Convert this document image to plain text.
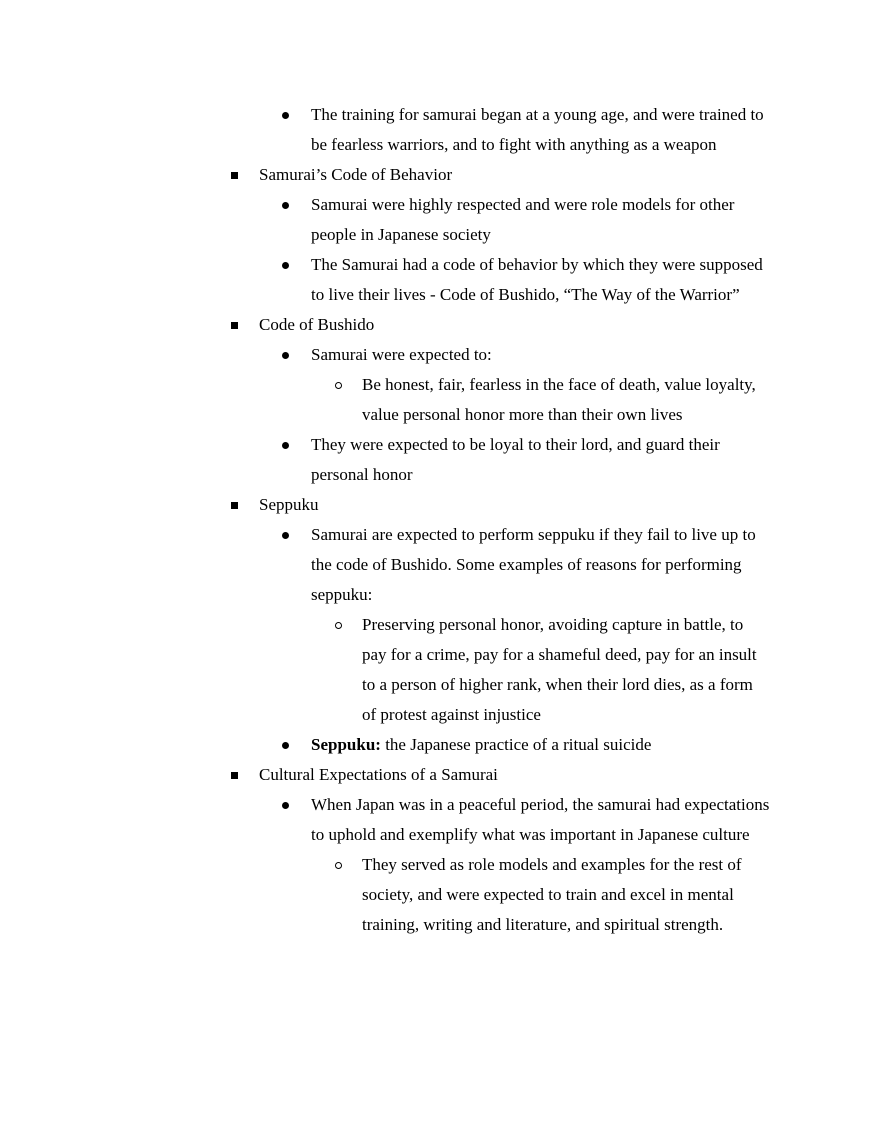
The training for samurai began at a young age, and were trained to
be fearless warriors, and to fight with anything as a weapon
Samurai’s Code of Behavior
Samurai were highly respected and were role models for other
people in Japanese society
The Samurai had a code of behavior by which they were supposed
to live their lives - Code of Bushido, “The Way of the Warrior”
Code of Bushido
Samurai were expected to:
Be honest, fair, fearless in the face of death, value loyalty,
value personal honor more than their own lives
They were expected to be loyal to their lord, and guard their
personal honor
Seppuku
Samurai are expected to perform seppuku if they fail to live up to
the code of Bushido. Some examples of reasons for performing
seppuku:
Preserving personal honor, avoiding capture in battle, to
pay for a crime, pay for a shameful deed, pay for an insult
to a person of higher rank, when their lord dies, as a form
of protest against injustice
Seppuku: the Japanese practice of a ritual suicide
Cultural Expectations of a Samurai
When Japan was in a peaceful period, the samurai had expectations
to uphold and exemplify what was important in Japanese culture
They served as role models and examples for the rest of
society, and were expected to train and excel in mental
training, writing and literature, and spiritual strength.
